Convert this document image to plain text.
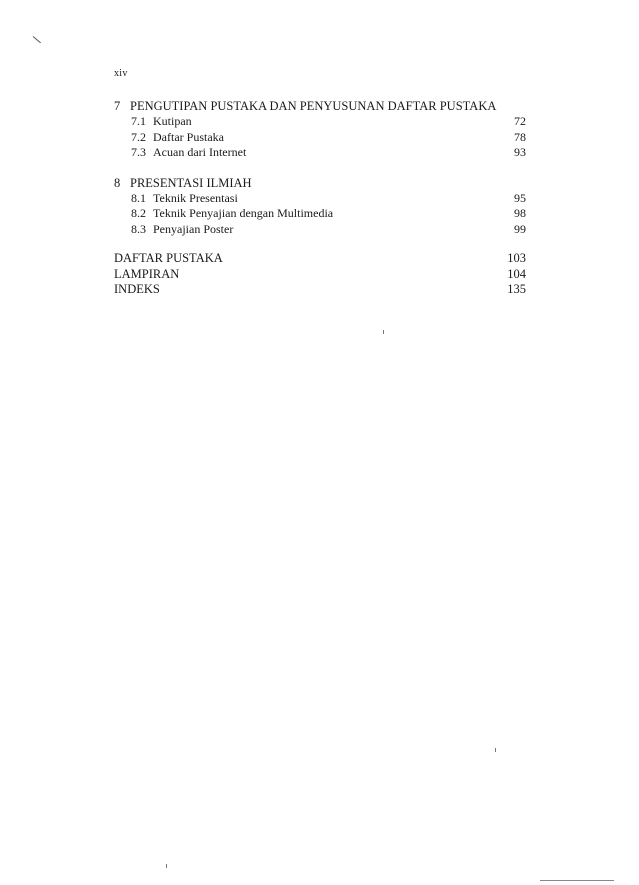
xiv
7 PENGUTIPAN PUSTAKA DAN PENYUSUNAN DAFTAR PUSTAKA
7.1 Kutipan	72
7.2 Daftar Pustaka	78
7.3 Acuan dari Internet	93
8 PRESENTASI ILMIAH
8.1 Teknik Presentasi	95
8.2 Teknik Penyajian dengan Multimedia	98
8.3 Penyajian Poster	99
DAFTAR PUSTAKA	103
LAMPIRAN	104
INDEKS	135
